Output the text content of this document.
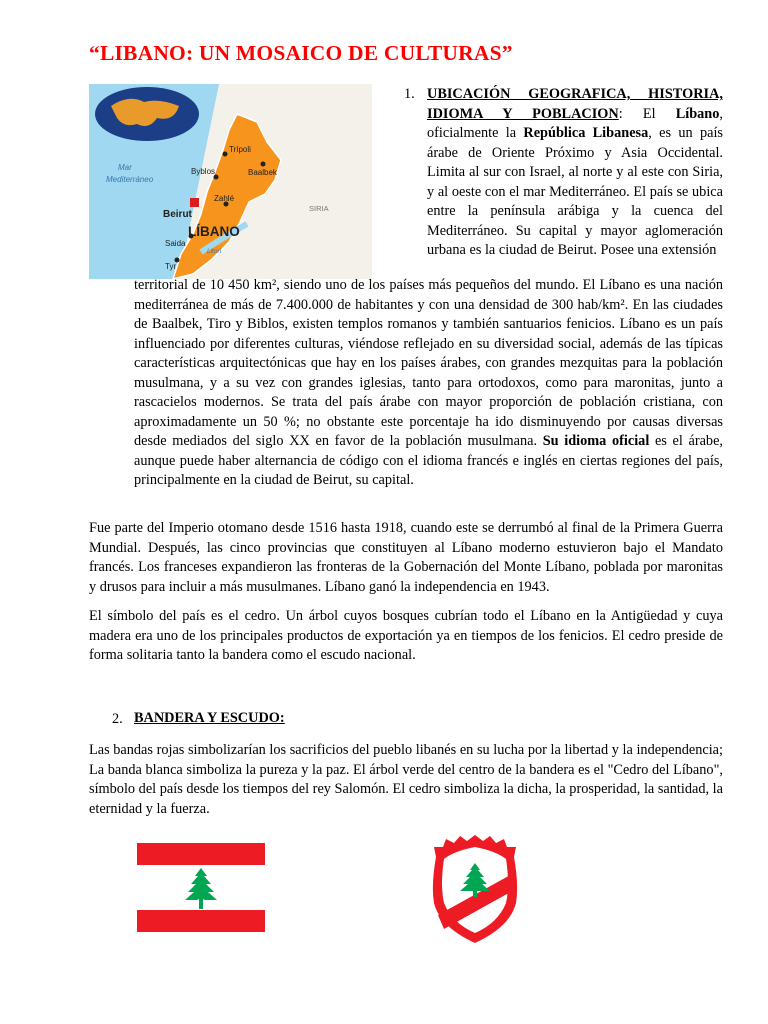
“LIBANO: UN MOSAICO DE CULTURAS”
Mar
Mediterráneo
Trípoli
Byblos	Baalbek
Zahlé
Beirut
Saida
Tyr
LÍBANO
SIRIA
Litorí
1. UBICACIÓN GEOGRAFICA, HISTORIA, IDIOMA Y POBLACION: El Líbano, oficialmente la República Libanesa, es un país árabe de Oriente Próximo y Asia Occidental. Limita al sur con Israel, al norte y al este con Siria, y al oeste con el mar Mediterráneo. El país se ubica entre la península arábiga y la cuenca del Mediterráneo. Su capital y mayor aglomeración urbana es la ciudad de Beirut. Posee una extensión

territorial de 10 450 km², siendo uno de los países más pequeños del mundo. El Líbano es una nación mediterránea de más de 7.400.000 de habitantes y con una densidad de 300 hab/km². En las ciudades de Baalbek, Tiro y Biblos, existen templos romanos y también santuarios fenicios. Líbano es un país influenciado por diferentes culturas, viéndose reflejado en su diversidad social, además de las típicas características arquitectónicas que hay en los países árabes, con grandes mezquitas para la población musulmana, y a su vez con grandes iglesias, tanto para ortodoxos, como para maronitas, junto a rascacielos modernos. Se trata del país árabe con mayor proporción de población cristiana, con aproximadamente un 50 %; no obstante este porcentaje ha ido disminuyendo por causas diversas desde mediados del siglo XX en favor de la población musulmana. Su idioma oficial es el árabe, aunque puede haber alternancia de código con el idioma francés e inglés en ciertas regiones del país, principalmente en la ciudad de Beirut, su capital.

Fue parte del Imperio otomano desde 1516 hasta 1918, cuando este se derrumbó al final de la Primera Guerra Mundial. Después, las cinco provincias que constituyen al Líbano moderno estuvieron bajo el Mandato francés. Los franceses expandieron las fronteras de la Gobernación del Monte Líbano, poblada por maronitas y drusos para incluir a más musulmanes. Líbano ganó la independencia en 1943.

El símbolo del país es el cedro. Un árbol cuyos bosques cubrían todo el Líbano en la Antigüedad y cuya madera era uno de los principales productos de exportación ya en tiempos de los fenicios. El cedro preside de forma solitaria tanto la bandera como el escudo nacional.

2. BANDERA Y ESCUDO:

Las bandas rojas simbolizarían los sacrificios del pueblo libanés en su lucha por la libertad y la independencia; La banda blanca simboliza la pureza y la paz. El árbol verde del centro de la bandera es el "Cedro del Líbano", símbolo del país desde los tiempos del rey Salomón. El cedro simboliza la dicha, la prosperidad, la santidad, la eternidad y la fuerza.
